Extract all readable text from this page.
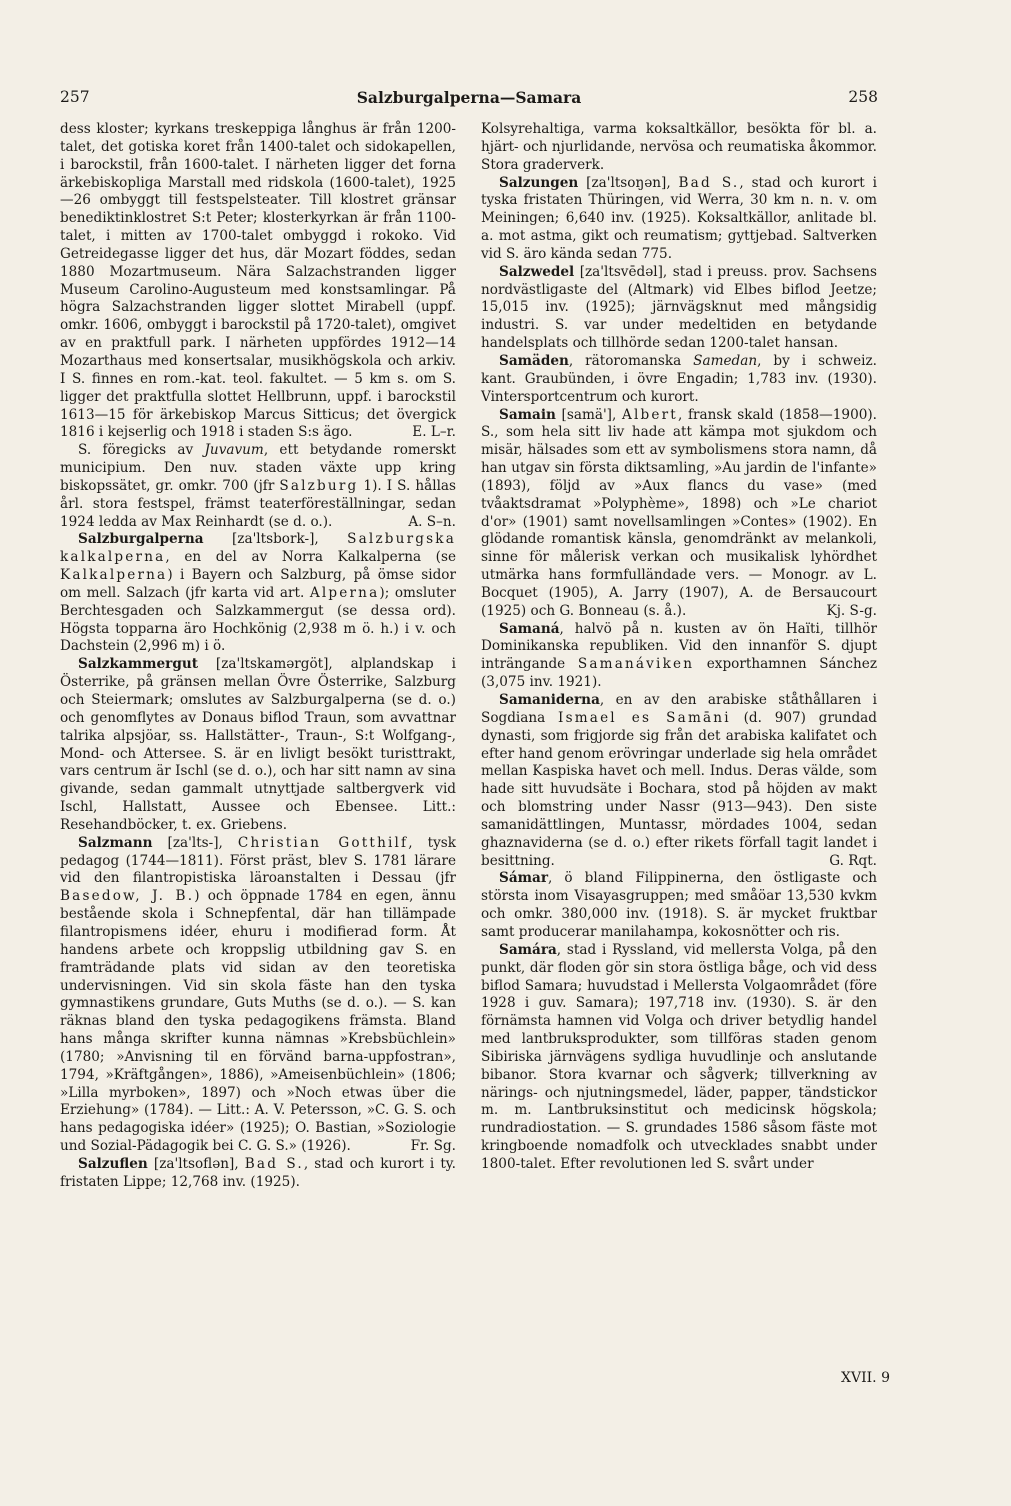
257	Salzburgalperna—Samara	258

dess kloster; kyrkans treskeppiga långhus är från 1200-talet, det gotiska koret från 1400-talet och sidokapellen, i barockstil, från 1600-talet. I närheten ligger det forna ärkebiskopliga Marstall med ridskola (1600-talet), 1925—26 ombyggt till festspelsteater. Till klostret gränsar benediktinklostret S:t Peter; klosterkyrkan är från 1100-talet, i mitten av 1700-talet ombyggd i rokoko. Vid Getreidegasse ligger det hus, där Mozart föddes, sedan 1880 Mozartmuseum. Nära Salzachstranden ligger Museum Carolino-Augusteum med konstsamlingar. På högra Salzachstranden ligger slottet Mirabell (uppf. omkr. 1606, ombyggt i barockstil på 1720-talet), omgivet av en praktfull park. I närheten uppfördes 1912—14 Mozarthaus med konsertsalar, musikhögskola och arkiv. I S. finnes en rom.-kat. teol. fakultet. — 5 km s. om S. ligger det praktfulla slottet Hellbrunn, uppf. i barockstil 1613—15 för ärkebiskop Marcus Sitticus; det övergick 1816 i kejserlig och 1918 i staden S:s ägo.	E. L–r.

S. föregicks av Juvavum, ett betydande romerskt municipium. Den nuv. staden växte upp kring biskopssätet, gr. omkr. 700 (jfr Salzburg 1). I S. hållas årl. stora festspel, främst teaterföreställningar, sedan 1924 ledda av Max Reinhardt (se d. o.).	A. S–n.

Salzburgalperna [za'ltsbork-], Salzburgska kalkalperna, en del av Norra Kalkalperna (se Kalkalperna) i Bayern och Salzburg, på ömse sidor om mell. Salzach (jfr karta vid art. Alperna); omsluter Berchtesgaden och Salzkammergut (se dessa ord). Högsta topparna äro Hochkönig (2,938 m ö. h.) i v. och Dachstein (2,996 m) i ö.

Salzkammergut [za'ltskamərgöt], alplandskap i Österrike, på gränsen mellan Övre Österrike, Salzburg och Steiermark; omslutes av Salzburgalperna (se d. o.) och genomflytes av Donaus biflod Traun, som avvattnar talrika alpsjöar, ss. Hallstätter-, Traun-, S:t Wolfgang-, Mond- och Attersee. S. är en livligt besökt turisttrakt, vars centrum är Ischl (se d. o.), och har sitt namn av sina givande, sedan gammalt utnyttjade saltbergverk vid Ischl, Hallstatt, Aussee och Ebensee. Litt.: Resehandböcker, t. ex. Griebens.

Salzmann [za'lts-], Christian Gotthilf, tysk pedagog (1744—1811). Först präst, blev S. 1781 lärare vid den filantropistiska läroanstalten i Dessau (jfr Basedow, J. B.) och öppnade 1784 en egen, ännu bestående skola i Schnepfental, där han tillämpade filantropismens idéer, ehuru i modifierad form. Åt handens arbete och kroppslig utbildning gav S. en framträdande plats vid sidan av den teoretiska undervisningen. Vid sin skola fäste han den tyska gymnastikens grundare, Guts Muths (se d. o.). — S. kan räknas bland den tyska pedagogikens främsta. Bland hans många skrifter kunna nämnas »Krebsbüchlein» (1780; »Anvisning til en förvänd barna-uppfostran», 1794, »Kräftgången», 1886), »Ameisenbüchlein» (1806; »Lilla myrboken», 1897) och »Noch etwas über die Erziehung» (1784). — Litt.: A. V. Petersson, »C. G. S. och hans pedagogiska idéer» (1925); O. Bastian, »Soziologie und Sozial-Pädagogik bei C. G. S.» (1926).	Fr. Sg.

Salzuflen [za'ltsoflən], Bad S., stad och kurort i ty. fristaten Lippe; 12,768 inv. (1925).

Kolsyrehaltiga, varma koksaltkällor, besökta för bl. a. hjärt- och njurlidande, nervösa och reumatiska åkommor. Stora graderverk.

Salzungen [za'ltsoŋən], Bad S., stad och kurort i tyska fristaten Thüringen, vid Werra, 30 km n. n. v. om Meiningen; 6,640 inv. (1925). Koksaltkällor, anlitade bl. a. mot astma, gikt och reumatism; gyttjebad. Saltverken vid S. äro kända sedan 775.

Salzwedel [za'ltsvēdəl], stad i preuss. prov. Sachsens nordvästligaste del (Altmark) vid Elbes biflod Jeetze; 15,015 inv. (1925); järnvägsknut med mångsidig industri. S. var under medeltiden en betydande handelsplats och tillhörde sedan 1200-talet hansan.

Samäden, rätoromanska Samedan, by i schweiz. kant. Graubünden, i övre Engadin; 1,783 inv. (1930). Vintersportcentrum och kurort.

Samain [samä'], Albert, fransk skald (1858—1900). S., som hela sitt liv hade att kämpa mot sjukdom och misär, hälsades som ett av symbolismens stora namn, då han utgav sin första diktsamling, »Au jardin de l'infante» (1893), följd av »Aux flancs du vase» (med tvåaktsdramat »Polyphème», 1898) och »Le chariot d'or» (1901) samt novellsamlingen »Contes» (1902). En glödande romantisk känsla, genomdränkt av melankoli, sinne för målerisk verkan och musikalisk lyhördhet utmärka hans formfulländade vers. — Monogr. av L. Bocquet (1905), A. Jarry (1907), A. de Bersaucourt (1925) och G. Bonneau (s. å.).	Kj. S-g.

Samaná, halvö på n. kusten av ön Haïti, tillhör Dominikanska republiken. Vid den innanför S. djupt inträngande Samanáviken exporthamnen Sánchez (3,075 inv. 1921).

Samaniderna, en av den arabiske ståthållaren i Sogdiana Ismael es Samāni (d. 907) grundad dynasti, som frigjorde sig från det arabiska kalifatet och efter hand genom erövringar underlade sig hela området mellan Kaspiska havet och mell. Indus. Deras välde, som hade sitt huvudsäte i Bochara, stod på höjden av makt och blomstring under Nassr (913—943). Den siste samanidättlingen, Muntassr, mördades 1004, sedan ghaznaviderna (se d. o.) efter rikets förfall tagit landet i besittning.	G. Rqt.

Sámar, ö bland Filippinerna, den östligaste och största inom Visayasgruppen; med småöar 13,530 kvkm och omkr. 380,000 inv. (1918). S. är mycket fruktbar samt producerar manilahampa, kokosnötter och ris.

Samára, stad i Ryssland, vid mellersta Volga, på den punkt, där floden gör sin stora östliga båge, och vid dess biflod Samara; huvudstad i Mellersta Volgaområdet (före 1928 i guv. Samara); 197,718 inv. (1930). S. är den förnämsta hamnen vid Volga och driver betydlig handel med lantbruksprodukter, som tillföras staden genom Sibiriska järnvägens sydliga huvudlinje och anslutande bibanor. Stora kvarnar och sågverk; tillverkning av närings- och njutningsmedel, läder, papper, tändstickor m. m. Lantbruksinstitut och medicinsk högskola; rundradiostation. — S. grundades 1586 såsom fäste mot kringboende nomadfolk och utvecklades snabbt under 1800-talet. Efter revolutionen led S. svårt under

XVII. 9
